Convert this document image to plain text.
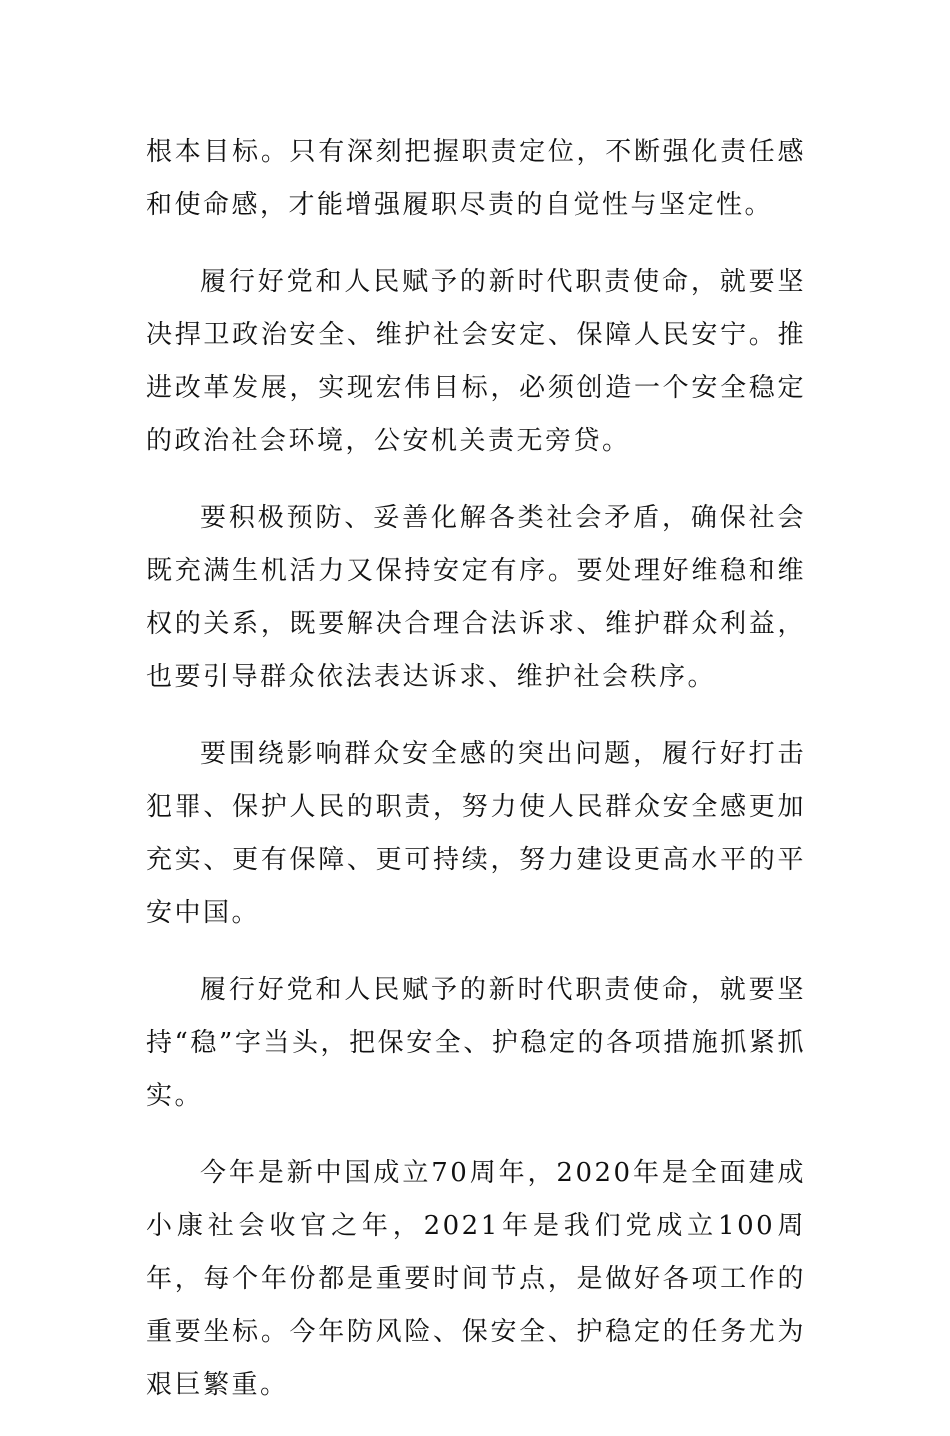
根本目标。只有深刻把握职责定位，不断强化责任感和使命感，才能增强履职尽责的自觉性与坚定性。

履行好党和人民赋予的新时代职责使命，就要坚决捍卫政治安全、维护社会安定、保障人民安宁。推进改革发展，实现宏伟目标，必须创造一个安全稳定的政治社会环境，公安机关责无旁贷。

要积极预防、妥善化解各类社会矛盾，确保社会既充满生机活力又保持安定有序。要处理好维稳和维权的关系，既要解决合理合法诉求、维护群众利益，也要引导群众依法表达诉求、维护社会秩序。

要围绕影响群众安全感的突出问题，履行好打击犯罪、保护人民的职责，努力使人民群众安全感更加充实、更有保障、更可持续，努力建设更高水平的平安中国。

履行好党和人民赋予的新时代职责使命，就要坚持“稳”字当头，把保安全、护稳定的各项措施抓紧抓实。

今年是新中国成立70周年，2020年是全面建成小康社会收官之年，2021年是我们党成立100周年，每个年份都是重要时间节点，是做好各项工作的重要坐标。今年防风险、保安全、护稳定的任务尤为艰巨繁重。
